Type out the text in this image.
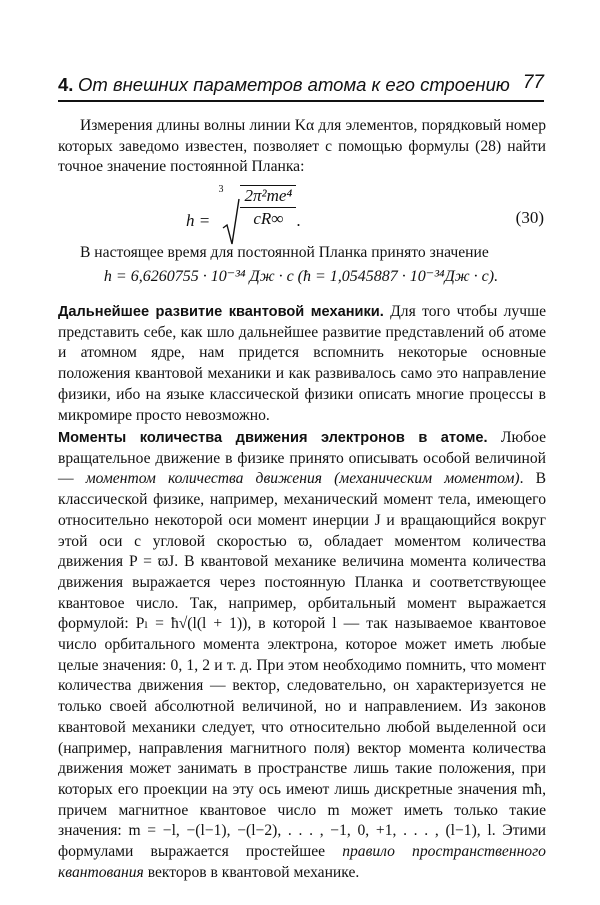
4. От внешних параметров атома к его строению 77

Измерения длины волны линии Kα для элементов, порядковый номер которых заведомо известен, позволяет с помощью формулы (28) найти точное значение постоянной Планка:

h =
$3 \frac{\text{2π²me⁴}}{cR\infty}$ .	(30)

В настоящее время для постоянной Планка принято значение

h = 6,6260755 · 10⁻³⁴ Дж · с (ħ = 1,0545887 · 10⁻³⁴Дж · с).

Дальнейшее развитие квантовой механики. Для того чтобы лучше представить себе, как шло дальнейшее развитие представлений об атоме и атомном ядре, нам придется вспомнить некоторые основные положения квантовой механики и как развивалось само это направление физики, ибо на языке классической физики описать многие процессы в микромире просто невозможно.

Моменты количества движения электронов в атоме. Любое вращательное движение в физике принято описывать особой величиной — моментом количества движения (механическим моментом). В классической физике, например, механический момент тела, имеющего относительно некоторой оси момент инерции J и вращающийся вокруг этой оси с угловой скоростью ϖ, обладает моментом количества движения P = ϖJ. В квантовой механике величина момента количества движения выражается через постоянную Планка и соответствующее квантовое число. Так, например, орбитальный момент выражается формулой: Pₗ = ħ√(l(l + 1)), в которой l — так называемое квантовое число орбитального момента электрона, которое может иметь любые целые значения: 0, 1, 2 и т. д. При этом необходимо помнить, что момент количества движения — вектор, следовательно, он характеризуется не только своей абсолютной величиной, но и направлением. Из законов квантовой механики следует, что относительно любой выделенной оси (например, направления магнитного поля) вектор момента количества движения может занимать в пространстве лишь такие положения, при которых его проекции на эту ось имеют лишь дискретные значения mħ, причем магнитное квантовое число m может иметь только такие значения: m = −l, −(l−1), −(l−2), . . . , −1, 0, +1, . . . , (l−1), l. Этими формулами выражается простейшее правило пространственного квантования векторов в квантовой механике.
